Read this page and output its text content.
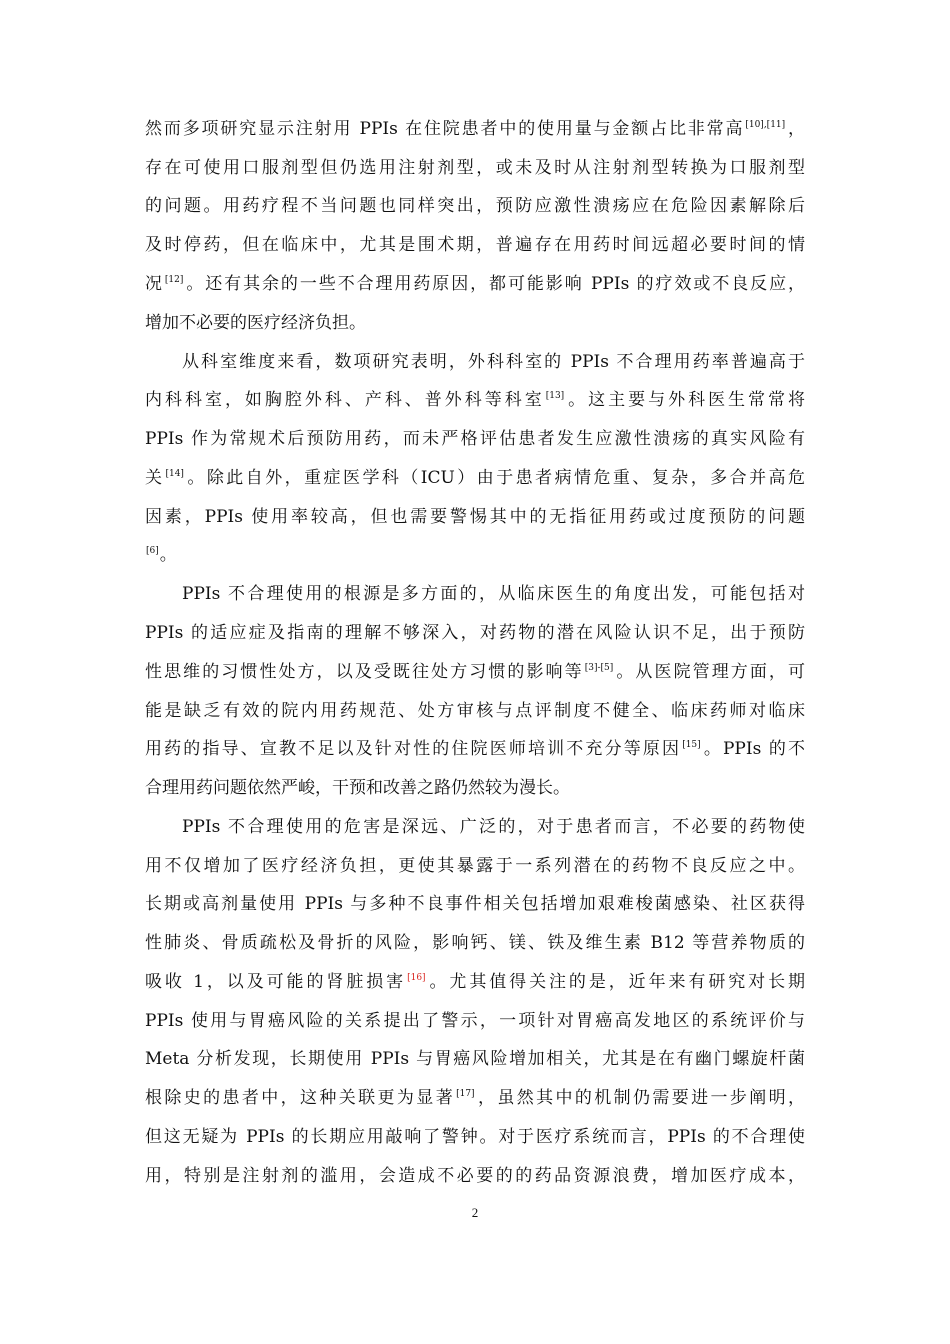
然而多项研究显示注射用 PPIs 在住院患者中的使用量与金额占比非常高[10],[11]，
存在可使用口服剂型但仍选用注射剂型，或未及时从注射剂型转换为口服剂型
的问题。用药疗程不当问题也同样突出，预防应激性溃疡应在危险因素解除后
及时停药，但在临床中，尤其是围术期，普遍存在用药时间远超必要时间的情
况[12]。还有其余的一些不合理用药原因，都可能影响 PPIs 的疗效或不良反应，
增加不必要的医疗经济负担。
从科室维度来看，数项研究表明，外科科室的 PPIs 不合理用药率普遍高于
内科科室，如胸腔外科、产科、普外科等科室[13]。这主要与外科医生常常将
PPIs 作为常规术后预防用药，而未严格评估患者发生应激性溃疡的真实风险有
关[14]。除此自外，重症医学科（ICU）由于患者病情危重、复杂，多合并高危
因素，PPIs 使用率较高，但也需要警惕其中的无指征用药或过度预防的问题
[6]。
PPIs 不合理使用的根源是多方面的，从临床医生的角度出发，可能包括对
PPIs 的适应症及指南的理解不够深入，对药物的潜在风险认识不足，出于预防
性思维的习惯性处方，以及受既往处方习惯的影响等[3]-[5]。从医院管理方面，可
能是缺乏有效的院内用药规范、处方审核与点评制度不健全、临床药师对临床
用药的指导、宣教不足以及针对性的住院医师培训不充分等原因[15]。PPIs 的不
合理用药问题依然严峻，干预和改善之路仍然较为漫长。
PPIs 不合理使用的危害是深远、广泛的，对于患者而言，不必要的药物使
用不仅增加了医疗经济负担，更使其暴露于一系列潜在的药物不良反应之中。
长期或高剂量使用 PPIs 与多种不良事件相关包括增加艰难梭菌感染、社区获得
性肺炎、骨质疏松及骨折的风险，影响钙、镁、铁及维生素 B12 等营养物质的
吸收 1，以及可能的肾脏损害[16]。尤其值得关注的是，近年来有研究对长期
PPIs 使用与胃癌风险的关系提出了警示，一项针对胃癌高发地区的系统评价与
Meta 分析发现，长期使用 PPIs 与胃癌风险增加相关，尤其是在有幽门螺旋杆菌
根除史的患者中，这种关联更为显著[17]，虽然其中的机制仍需要进一步阐明，
但这无疑为 PPIs 的长期应用敲响了警钟。对于医疗系统而言，PPIs 的不合理使
用，特别是注射剂的滥用，会造成不必要的的药品资源浪费，增加医疗成本，
2
